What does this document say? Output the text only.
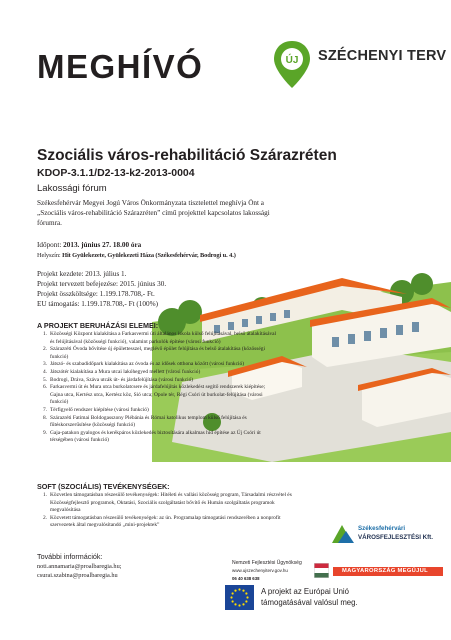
MEGHÍVÓ	ÚJ SZÉCHENYI TERV
Szociális város-rehabilitáció Szárazréten
KDOP-3.1.1/D2-13-k2-2013-0004
Lakossági fórum
Székesfehérvár Megyei Jogú Város Önkormányzata tisztelettel meghívja Önt a „Szociális város-rehabilitáció Szárazréten” című projekttel kapcsolatos lakossági fórumra.
Időpont: 2013. június 27. 18.00 óra
Helyszín: Hit Gyülekezete, Gyülekezeti Háza (Székesfehérvár, Bodrogi u. 4.)
Projekt kezdete: 2013. július 1.
Projekt tervezett befejezése: 2015. június 30.
Projekt összköltsége: 1.199.178.708,- Ft.
EU támogatás: 1.199.178.708,- Ft (100%)
A PROJEKT BERUHÁZÁSI ELEMEI:
1. Közösségi Központ kialakítása a Farkasvermi úti általános iskola külső felújításával, belső átalakításával és felújításával (közösségi funkció), valamint parkolók építése (városi funkció)
2. Szárazréti Óvoda bővítése új épülettesszel, meglévő épület felújítása és belső átalakítása (közösségi funkció)
3. Játszó- és szabadidőpark kialakítása az óvoda és az idősek otthona között (városi funkció)
4. Játszótér kialakítása a Mura utcai lakóhegyed mellett (városi funkció)
5. Bodrogi, Dráva, Száva utcák út- és járdafelújítása (városi funkció)
6. Farkasvermi út és Mura utca burkolatcsere és járdafelújítás közlekedést segítő rendszerek kiépítése; Gajna utca, Kertész utca, Kertész köz, Sió utca; Opole tér, Régi Csóri út burkolat-felújítása (városi funkció)
7. Térfigyelő rendszer kiépítése (városi funkció)
8. Szárazréti Fatimai Boldogasszony Plébánia és Római katolikus templom külső felújítása és fűtéskorszerűsítése (közösségi funkció)
9. Gaja-patakon gyalogos és kerékpáros közlekedés biztosítására alkalmas híd építése az Új Csóri út térségében (városi funkció)
SOFT (SZOCIÁLIS) TEVÉKENYSÉGEK:
1. Közvetlen támogatásban részesülő tevékenységek: Hitéleti és vallási közösség program, Társadalmi részvétel és Közösségfejlesztő programok, Oktatási, Szociális szolgáltatást bővítő és Humán szolgáltatás programok megvalósítása
2. Közvetett támogatásban részesülő tevékenységek: az ún. Programalap támogatási rendszerében a nonprofit szervezetek által megvalósítandó „mini-projektek”
További információk:
noti.annamaria@proalbaregia.hu;
csurai.szabina@proalbaregia.hu
Székesfehérvári
VÁROSFEJLESZTÉSI Kft.
Nemzeti Fejlesztési Ügynökség
www.ujszechenyiterv.gov.hu
06 40 638 638
MAGYARORSZÁG MEGÚJUL
A projekt az Európai Unió
támogatásával valósul meg.
